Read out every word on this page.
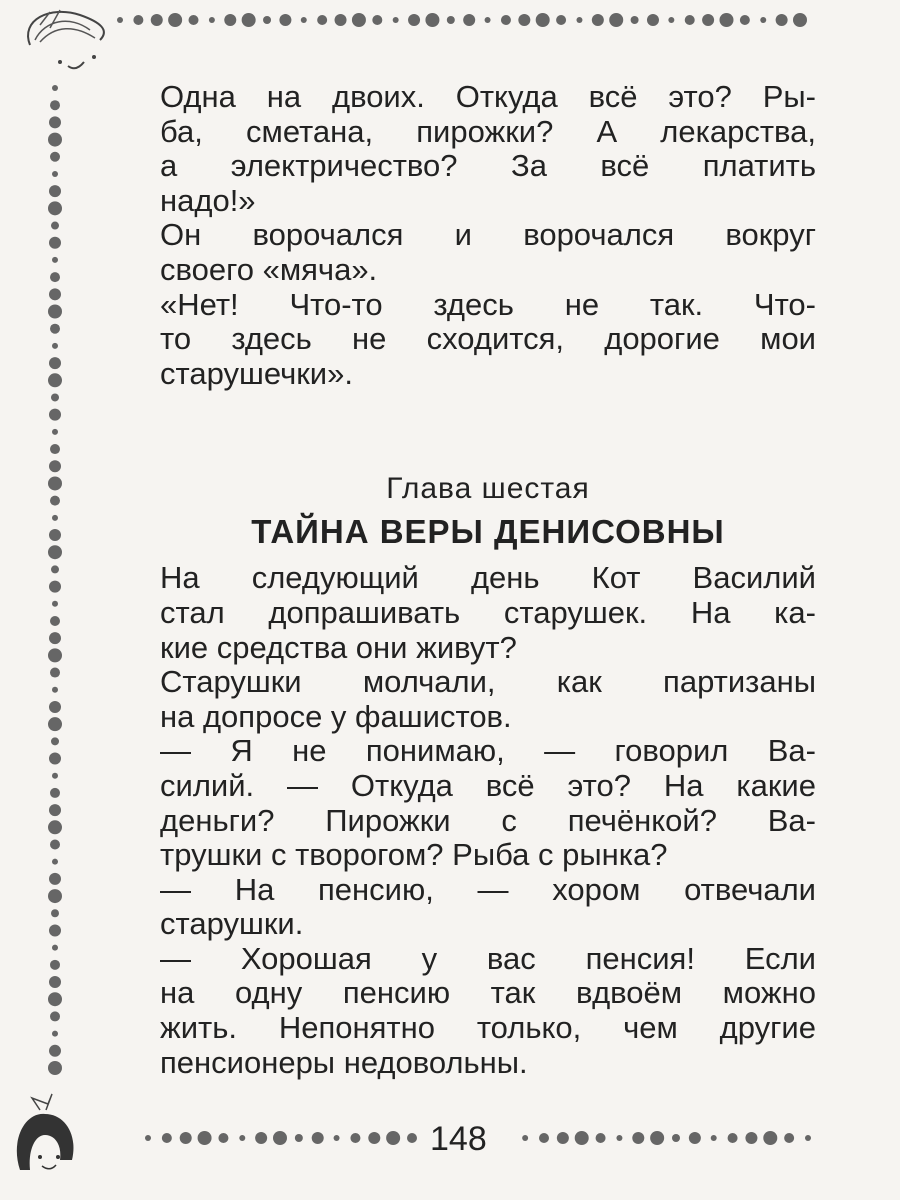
148
Одна на двоих. Откуда всё это? Ры-
ба, сметана, пирожки? А лекарства,
а электричество? За всё платить
надо!»
Он ворочался и ворочался вокруг
своего «мяча».
«Нет! Что-то здесь не так. Что-
то здесь не сходится, дорогие мои
старушечки».
Глава шестая
ТАЙНА ВЕРЫ ДЕНИСОВНЫ
На следующий день Кот Василий
стал допрашивать старушек. На ка-
кие средства они живут?
Старушки молчали, как партизаны
на допросе у фашистов.
— Я не понимаю, — говорил Ва-
силий. — Откуда всё это? На какие
деньги? Пирожки с печёнкой? Ва-
трушки с творогом? Рыба с рынка?
— На пенсию, — хором отвечали
старушки.
— Хорошая у вас пенсия! Если
на одну пенсию так вдвоём можно
жить. Непонятно только, чем другие
пенсионеры недовольны.
